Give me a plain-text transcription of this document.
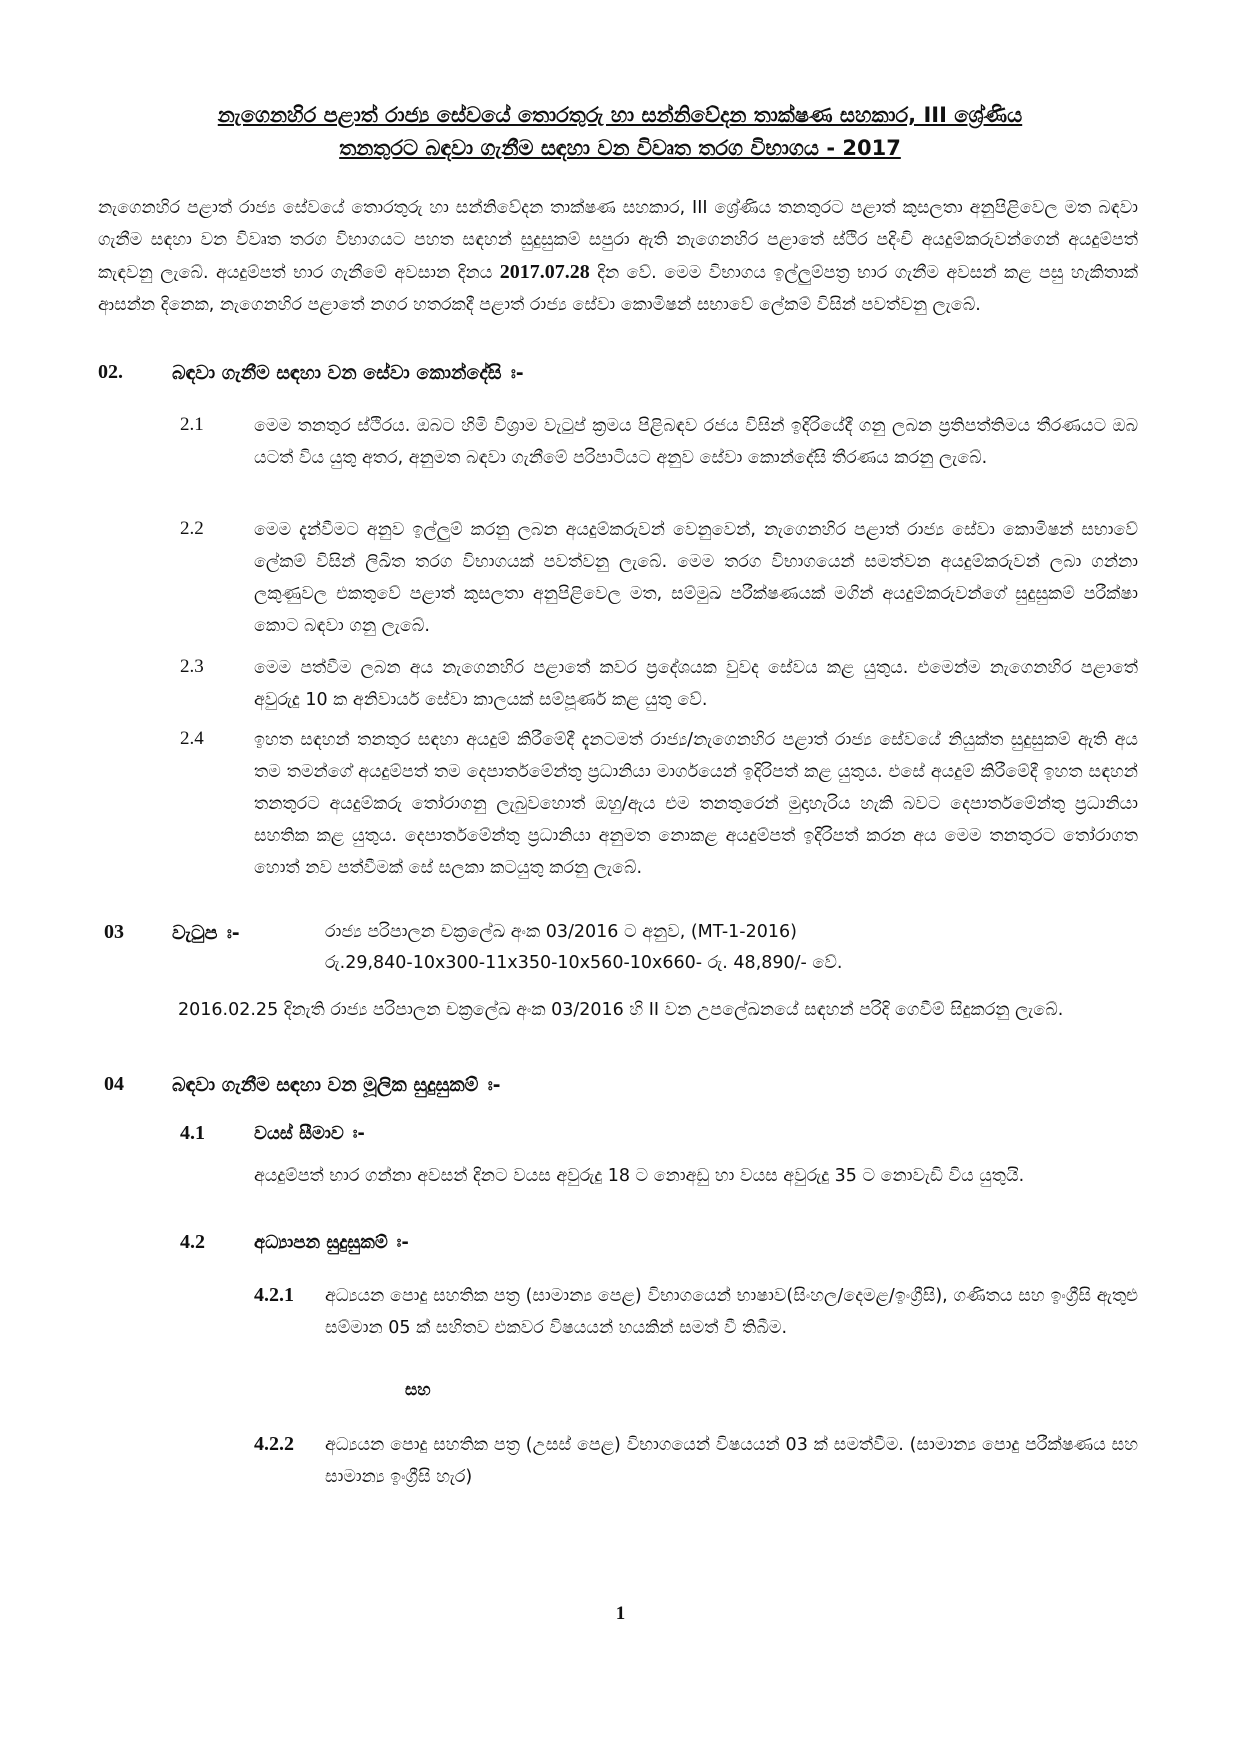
නැගෙනහිර පළාත් රාජ්‍ය සේවයේ තොරතුරු හා සන්නිවේදන තාක්ෂණ සහකාර, III ශ්‍රේණිය
තනතුරට බඳවා ගැනීම සඳහා වන විවෘත තරග විභාගය - 2017

නැගෙනහිර පළාත් රාජ්‍ය සේවයේ තොරතුරු හා සන්නිවේදන තාක්ෂණ සහකාර, III ශ්‍රේණිය තනතුරට පළාත් කුසලතා අනුපිළිවෙල මත බඳවා ගැනීම සඳහා වන විවෘත තරග විභාගයට පහත සඳහන් සුදුසුකම් සපුරා ඇති නැගෙනහිර පළාතේ ස්ථිර පදිංචි අයදුම්කරුවන්ගෙන් අයදුම්පත් කැඳවනු ලැබේ. අයදුම්පත් භාර ගැනීමේ අවසාන දිනය 2017.07.28 දින වේ. මෙම විභාගය ඉල්ලුම්පත්‍ර භාර ගැනීම අවසන් කළ පසු හැකිතාක් ආසන්න දිනෙක, නැගෙනහිර පළාතේ නගර හතරකදී පළාත් රාජ්‍ය සේවා කොමිෂන් සභාවේ ලේකම් විසින් පවත්වනු ලැබේ.

02.	බඳවා ගැනීම සඳහා වන සේවා කොන්දේසි ඃ-
2.1	මෙම තනතුර ස්ථිරය. ඔබට හිමි විශ්‍රාම වැටුප් ක්‍රමය පිළිබඳව රජය විසින් ඉදිරියේදී ගනු ලබන ප්‍රතිපත්තිමය තීරණයට ඔබ යටත් විය යුතු අතර, අනුමත බඳවා ගැනීමේ පරිපාටියට අනුව සේවා කොන්දේසි තීරණය කරනු ලැබේ.

2.2	මෙම දැන්වීමට අනුව ඉල්ලුම් කරනු ලබන අයදුම්කරුවන් වෙනුවෙන්, නැගෙනහිර පළාත් රාජ්‍ය සේවා කොමිෂන් සභාවේ ලේකම් විසින් ලිඛිත තරග විභාගයක් පවත්වනු ලැබේ. මෙම තරග විභාගයෙන් සමත්වන අයදුම්කරුවන් ලබා ගන්නා ලකුණුවල එකතුවේ පළාත් කුසලතා අනුපිළිවෙල මත, සම්මුඛ පරීක්ෂණයක් මගින් අයදුම්කරුවන්ගේ සුදුසුකම් පරීක්ෂා කොට බඳවා ගනු ලැබේ.

2.3	මෙම පත්වීම ලබන අය නැගෙනහිර පළාතේ කවර ප්‍රදේශයක වුවද සේවය කළ යුතුය. එමෙන්ම නැගෙනහිර පළාතේ අවුරුදු 10 ක අනිවාර්ය සේවා කාලයක් සම්පූර්ණ කළ යුතු වේ.

2.4	ඉහත සඳහන් තනතුර සඳහා අයදුම් කිරීමේදී දැනටමත් රාජ්‍ය/නැගෙනහිර පළාත් රාජ්‍ය සේවයේ නියුක්ත සුදුසුකම් ඇති අය තම තමන්ගේ අයදුම්පත් තම දෙපාර්තමේන්තු ප්‍රධානියා මාර්ගයෙන් ඉදිරිපත් කළ යුතුය. එසේ අයදුම් කිරීමේදී ඉහත සඳහන් තනතුරට අයදුම්කරු තෝරාගනු ලැබුවහොත් ඔහු/ඇය එම තනතුරෙන් මුදාහැරිය හැකි බවට දෙපාර්තමේන්තු ප්‍රධානියා සහතික කළ යුතුය. දෙපාර්තමේන්තු ප්‍රධානියා අනුමත නොකළ අයදුම්පත් ඉදිරිපත් කරන අය මෙම තනතුරට තෝරාගත හොත් නව පත්වීමක් සේ සලකා කටයුතු කරනු ලැබේ.

03	වැටුප ඃ-	රාජ්‍ය පරිපාලන චක්‍රලේඛ අංක 03/2016 ට අනුව, (MT-1-2016)
රු.29,840-10x300-11x350-10x560-10x660- රු. 48,890/- වේ.

2016.02.25 දිනැති රාජ්‍ය පරිපාලන චක්‍රලේඛ අංක 03/2016 හි II වන උපලේඛනයේ සඳහන් පරිදි ගෙවීම් සිදුකරනු ලැබේ.

04	බඳවා ගැනීම සඳහා වන මූලික සුදුසුකම් ඃ-
4.1	වයස් සීමාව ඃ-

අයදුම්පත් භාර ගන්නා අවසන් දිනට වයස අවුරුදු 18 ට නොඅඩු හා වයස අවුරුදු 35 ට නොවැඩි විය යුතුයි.

4.2	අධ්‍යාපන සුදුසුකම් ඃ-
4.2.1 අධ්‍යයන පොදු සහතික පත්‍ර (සාමාන්‍ය පෙළ) විභාගයෙන් භාෂාව(සිංහල/දෙමළ/ඉංග්‍රීසි), ගණිතය සහ ඉංග්‍රීසි ඇතුළු සම්මාන 05 ක් සහිතව එකවර විෂයයන් හයකින් සමත් වී තිබීම.

සහ
4.2.2 අධ්‍යයන පොදු සහතික පත්‍ර (උසස් පෙළ) විභාගයෙන් විෂයයන් 03 ක් සමත්වීම. (සාමාන්‍ය පොදු පරීක්ෂණය සහ සාමාන්‍ය ඉංග්‍රීසි හැර)

1
